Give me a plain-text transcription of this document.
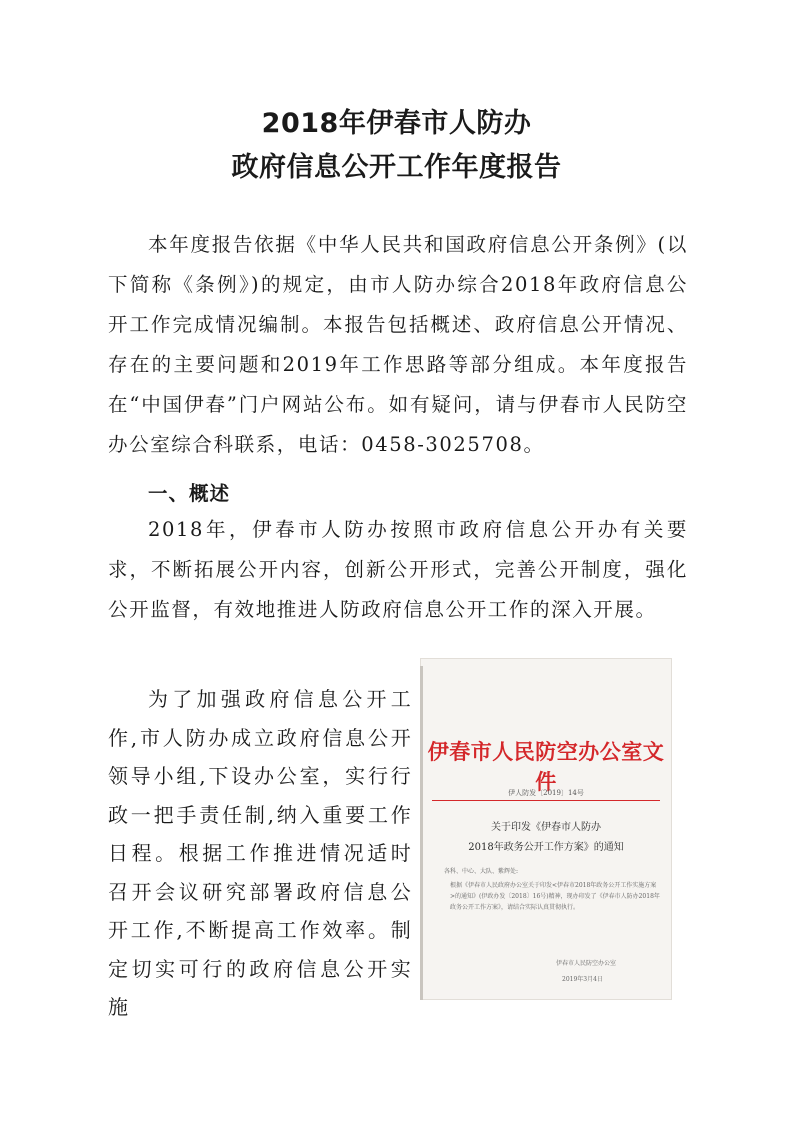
2018年伊春市人防办
政府信息公开工作年度报告

本年度报告依据《中华人民共和国政府信息公开条例》(以下简称《条例》)的规定，由市人防办综合2018年政府信息公开工作完成情况编制。本报告包括概述、政府信息公开情况、存在的主要问题和2019年工作思路等部分组成。本年度报告在“中国伊春”门户网站公布。如有疑问，请与伊春市人民防空办公室综合科联系，电话：0458-3025708。

一、概述

2018年，伊春市人防办按照市政府信息公开办有关要求，不断拓展公开内容，创新公开形式，完善公开制度，强化公开监督，有效地推进人防政府信息公开工作的深入开展。

为了加强政府信息公开工作,市人防办成立政府信息公开领导小组,下设办公室，实行行政一把手责任制,纳入重要工作日程。根据工作推进情况适时召开会议研究部署政府信息公开工作,不断提高工作效率。制定切实可行的政府信息公开实施

伊春市人民防空办公室文件
伊人防发〔2019〕14号
关于印发《伊春市人防办
2018年政务公开工作方案》的通知
各科、中心、大队、紫辉处:
根据《伊春市人民政府办公室关于印发<伊春市2018年政务公开工作实施方案>的通知》(伊政办发〔2018〕16号)精神，现办印发了《伊春市人防办2018年政务公开工作方案》，请结合实际认真贯彻执行。
伊春市人民防空办公室
2019年3月4日
